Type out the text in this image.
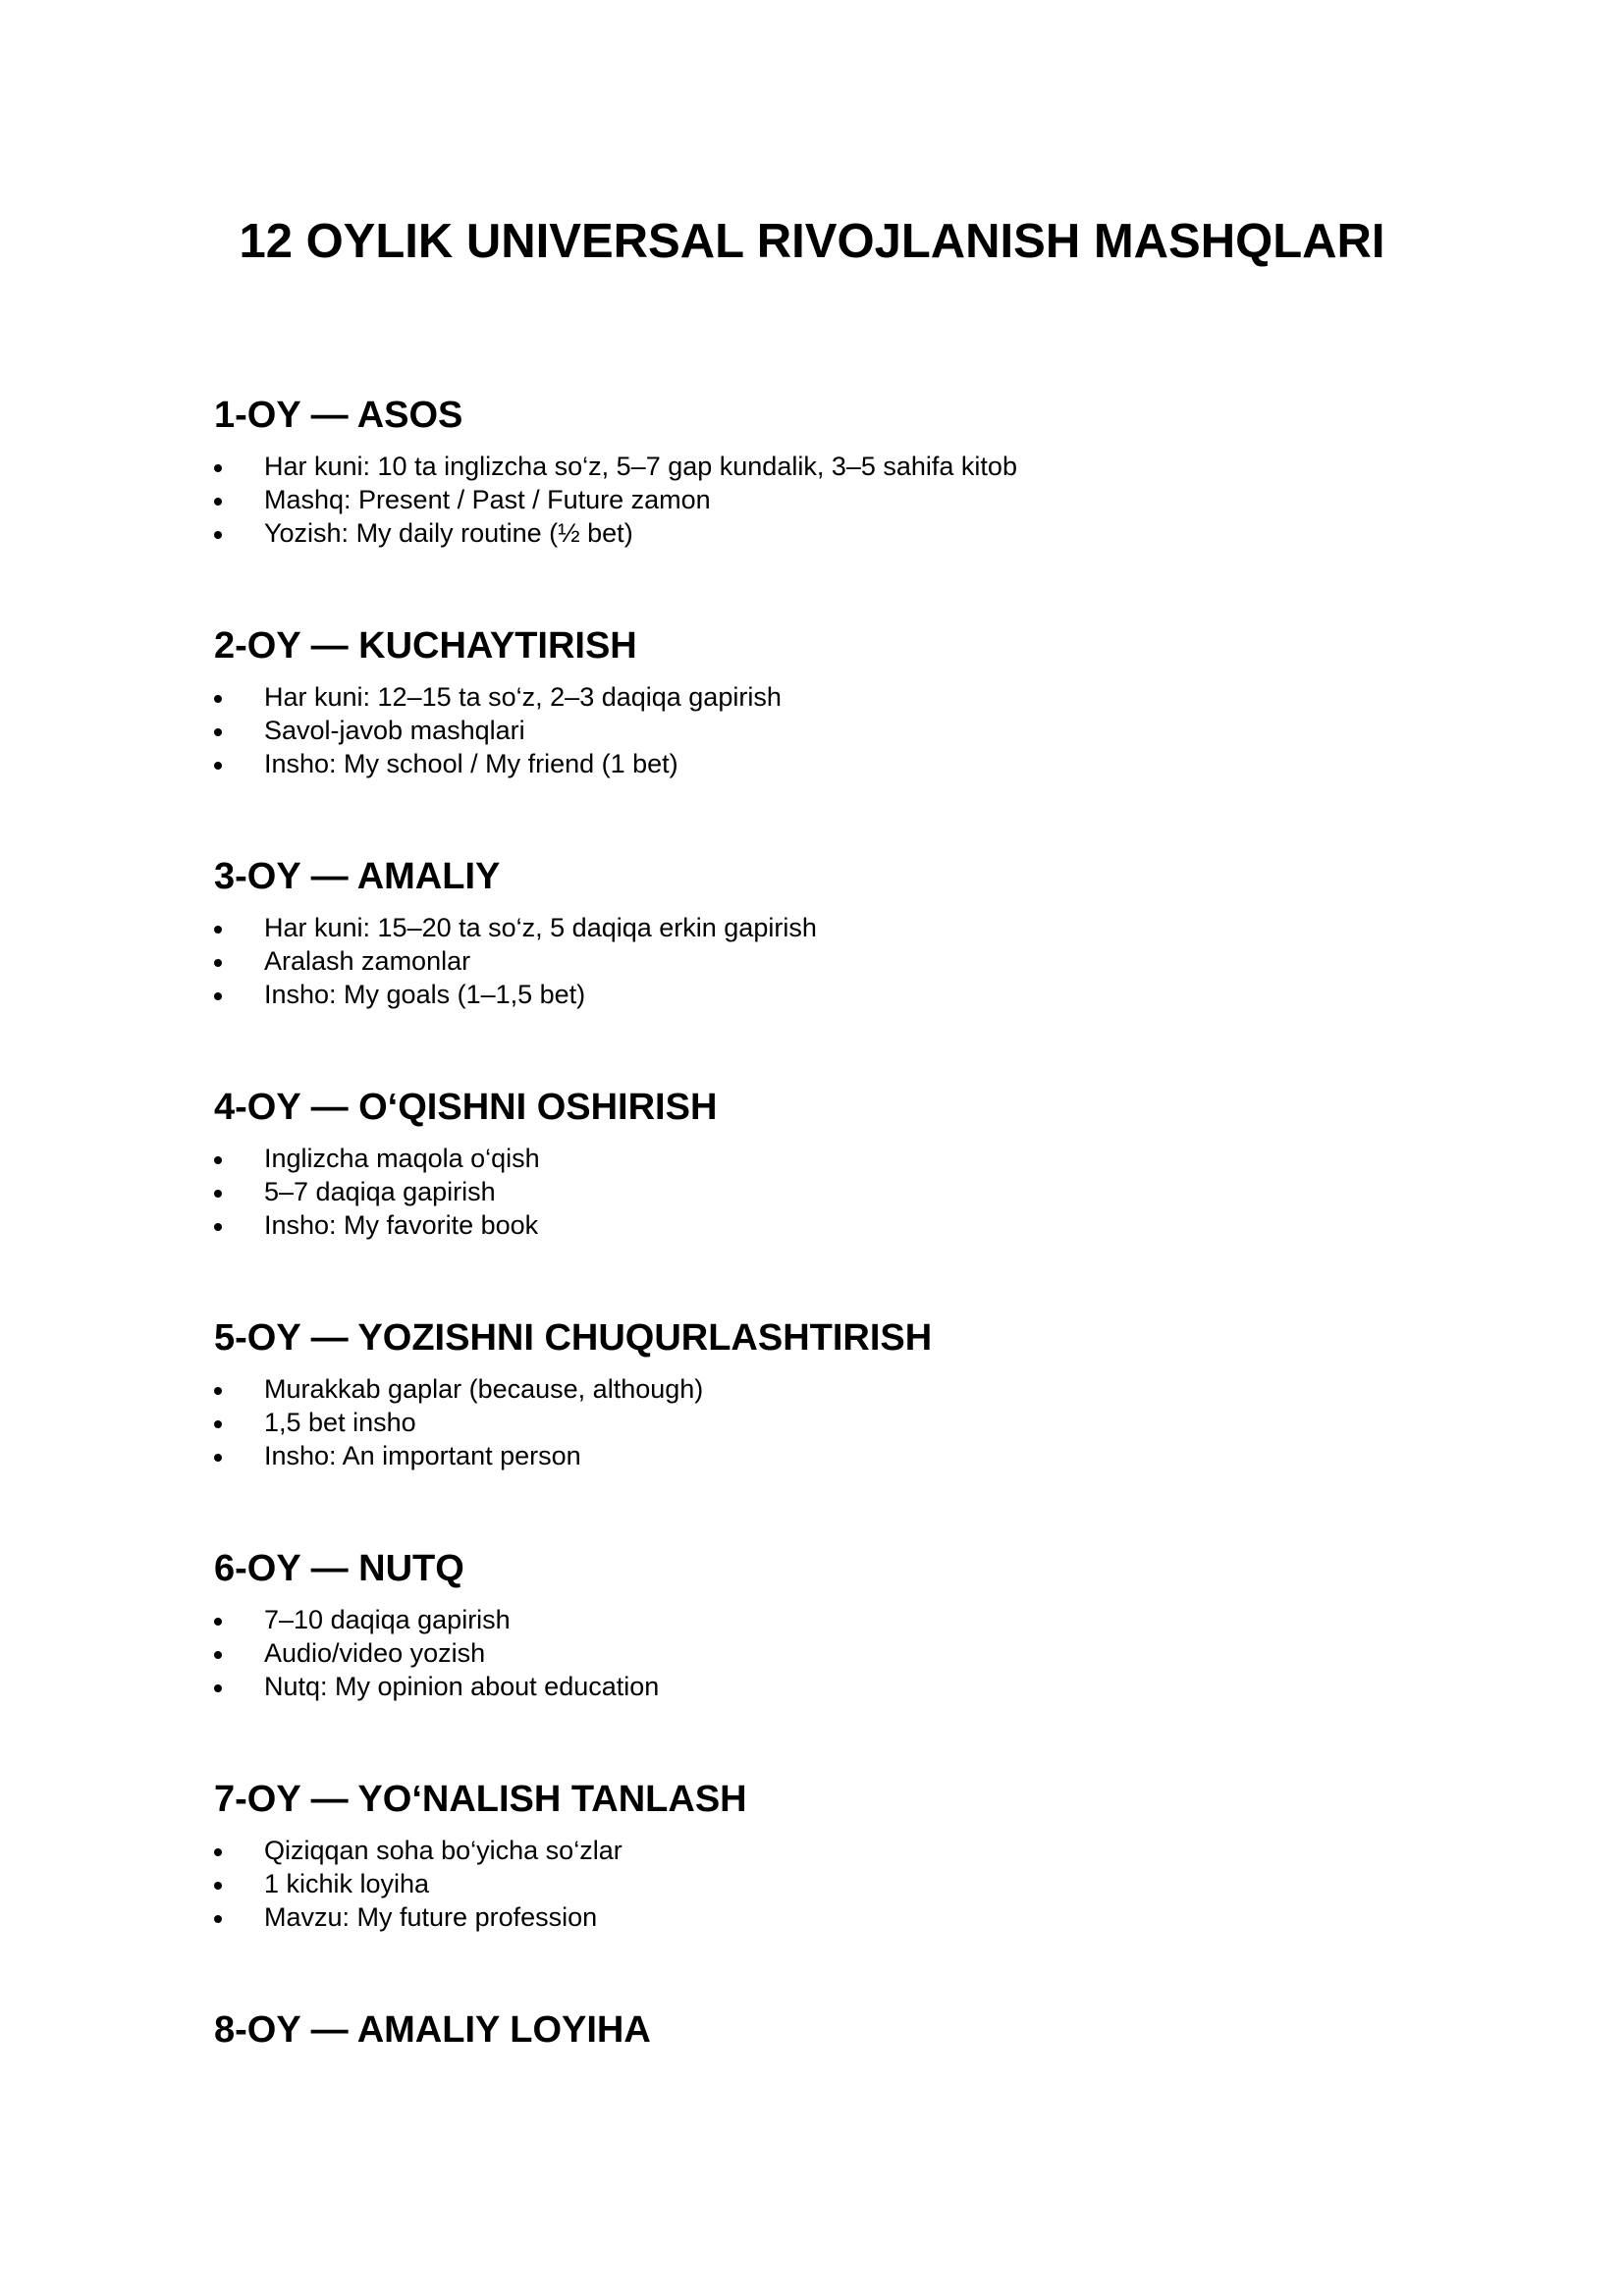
12 OYLIK UNIVERSAL RIVOJLANISH MASHQLARI
1-OY — ASOS
Har kuni: 10 ta inglizcha so‘z, 5–7 gap kundalik, 3–5 sahifa kitob
Mashq: Present / Past / Future zamon
Yozish: My daily routine (½ bet)
2-OY — KUCHAYTIRISH
Har kuni: 12–15 ta so‘z, 2–3 daqiqa gapirish
Savol-javob mashqlari
Insho: My school / My friend (1 bet)
3-OY — AMALIY
Har kuni: 15–20 ta so‘z, 5 daqiqa erkin gapirish
Aralash zamonlar
Insho: My goals (1–1,5 bet)
4-OY — O‘QISHNI OSHIRISH
Inglizcha maqola o‘qish
5–7 daqiqa gapirish
Insho: My favorite book
5-OY — YOZISHNI CHUQURLASHTIRISH
Murakkab gaplar (because, although)
1,5 bet insho
Insho: An important person
6-OY — NUTQ
7–10 daqiqa gapirish
Audio/video yozish
Nutq: My opinion about education
7-OY — YO‘NALISH TANLASH
Qiziqqan soha bo‘yicha so‘zlar
1 kichik loyiha
Mavzu: My future profession
8-OY — AMALIY LOYIHA
